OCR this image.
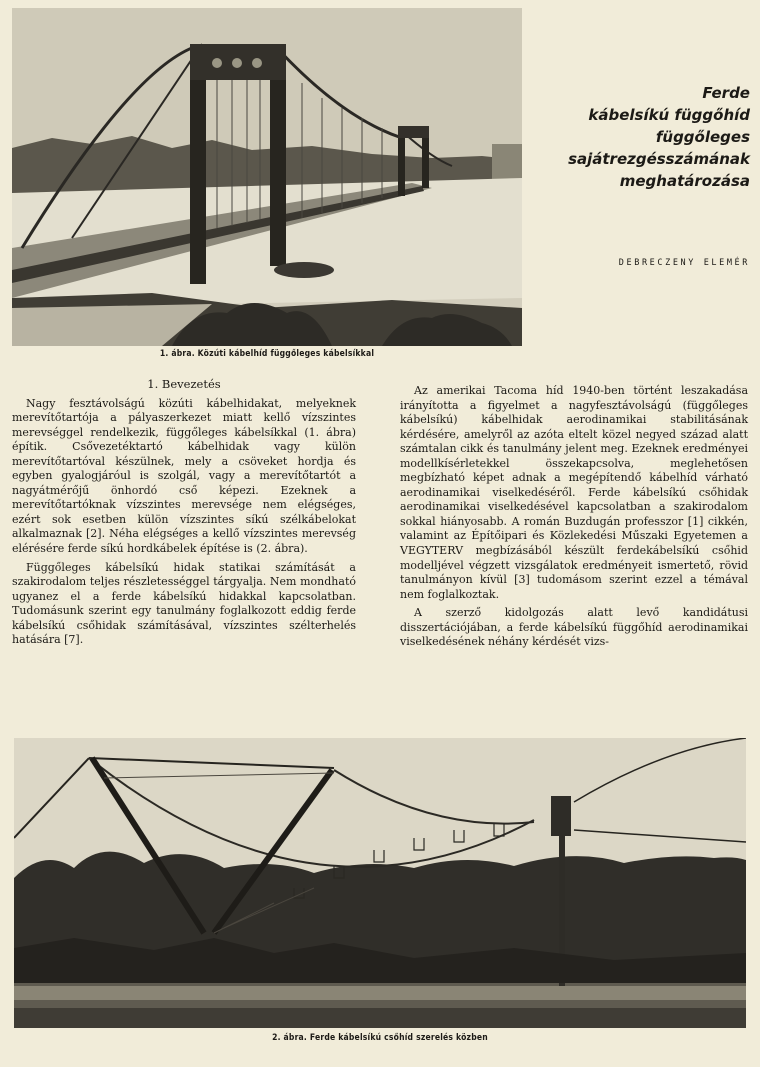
1. ábra. Közúti kábelhíd függőleges kábelsíkkal
Ferde
kábelsíkú függőhíd
függőleges
sajátrezgésszámának
meghatározása
DEBRECZENY ELEMÉR
1. Bevezetés

Nagy fesztávolságú közúti kábelhidakat, melyeknek merevítőtartója a pályaszerkezet miatt kellő vízszintes merevséggel rendelkezik, függőleges kábelsíkkal (1. ábra) építik. Csővezetéktartó kábelhidak vagy külön merevítőtartóval készülnek, mely a csöveket hordja és egyben gyalogjáróul is szolgál, vagy a merevítőtartót a nagyátmérőjű önhordó cső képezi. Ezeknek a merevítőtartóknak vízszintes merevsége nem elégséges, ezért sok esetben külön vízszintes síkú szélkábelokat alkalmaznak [2]. Néha elégséges a kellő vízszintes merevség elérésére ferde síkú hordkábelek építése is (2. ábra).

Függőleges kábelsíkú hidak statikai számítását a szakirodalom teljes részletességgel tárgyalja. Nem mondható ugyanez el a ferde kábelsíkú hidakkal kapcsolatban. Tudomásunk szerint egy tanulmány foglalkozott eddig ferde kábelsíkú csőhidak számításával, vízszintes szélterhelés hatására [7].

Az amerikai Tacoma híd 1940-ben történt leszakadása irányította a figyelmet a nagyfesztávolságú (függőleges kábelsíkú) kábelhidak aerodinamikai stabilitásának kérdésére, amelyről az azóta eltelt közel negyed század alatt számtalan cikk és tanulmány jelent meg. Ezeknek eredményei modellkísérletekkel összekapcsolva, meglehetősen megbízható képet adnak a megépítendő kábelhíd várható aerodinamikai viselkedéséről. Ferde kábelsíkú csőhidak aerodinamikai viselkedésével kapcsolatban a szakirodalom sokkal hiányosabb. A román Buzdugán professzor [1] cikkén, valamint az Építőipari és Közlekedési Műszaki Egyetemen a VEGYTERV megbízásából készült ferdekábelsíkú csőhid modelljével végzett vizsgálatok eredményeit ismertető, rövid tanulmányon kívül [3] tudomásom szerint ezzel a témával nem foglalkoztak.

A szerző kidolgozás alatt levő kandidátusi disszertációjában, a ferde kábelsíkú függőhíd aerodinamikai viselkedésének néhány kérdését vizs-

2. ábra. Ferde kábelsíkú csőhíd szerelés közben
